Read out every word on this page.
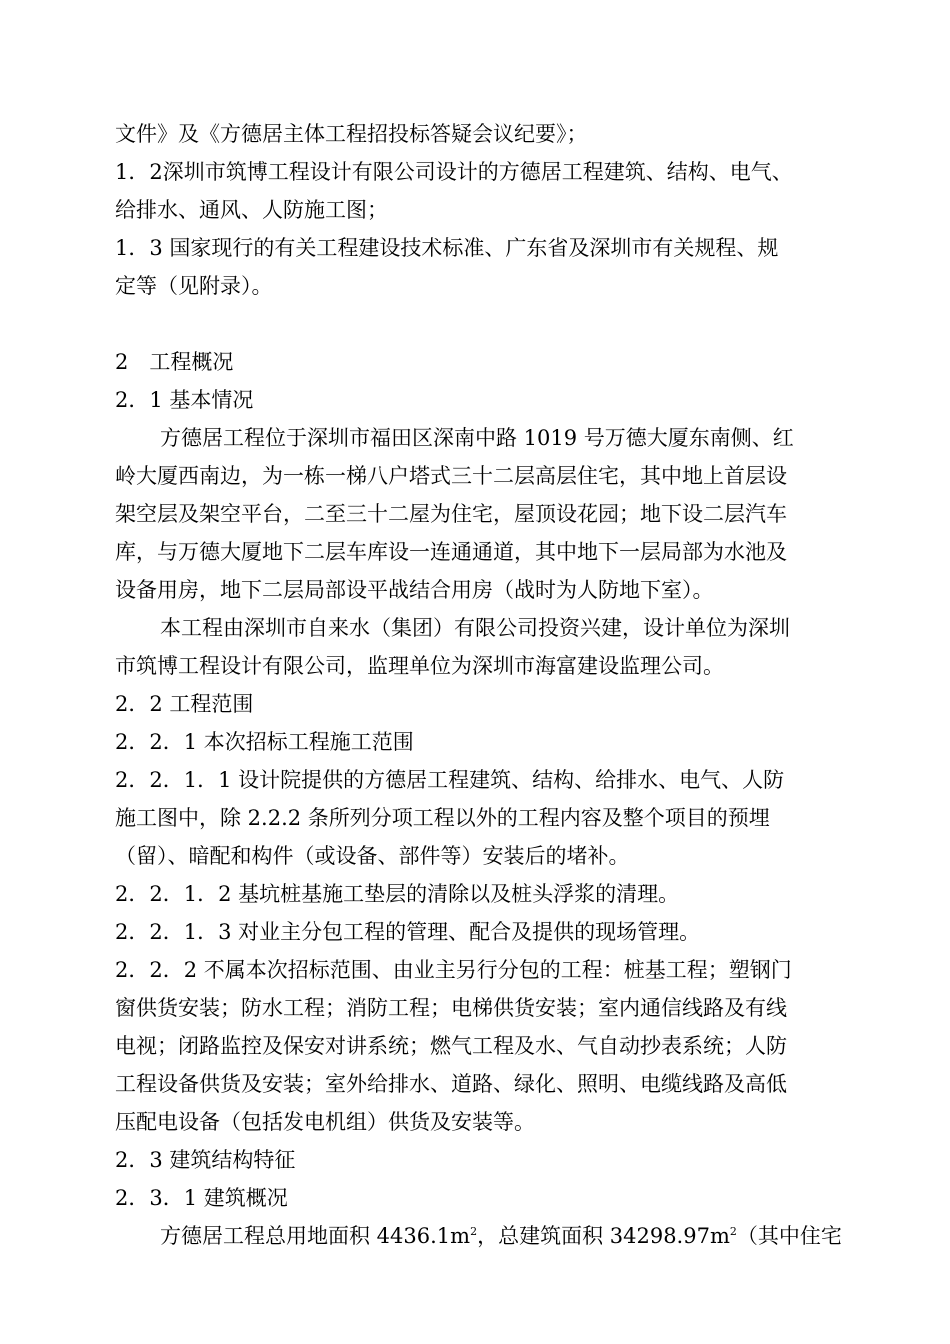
文件》及《方德居主体工程招投标答疑会议纪要》；
1．2深圳市筑博工程设计有限公司设计的方德居工程建筑、结构、电气、
给排水、通风、人防施工图；
1．3 国家现行的有关工程建设技术标准、广东省及深圳市有关规程、规
定等（见附录）。
2　工程概况
2．1 基本情况
方德居工程位于深圳市福田区深南中路 1019 号万德大厦东南侧、红
岭大厦西南边，为一栋一梯八户塔式三十二层高层住宅，其中地上首层设
架空层及架空平台，二至三十二屋为住宅，屋顶设花园；地下设二层汽车
库，与万德大厦地下二层车库设一连通通道，其中地下一层局部为水池及
设备用房，地下二层局部设平战结合用房（战时为人防地下室）。
本工程由深圳市自来水（集团）有限公司投资兴建，设计单位为深圳
市筑博工程设计有限公司，监理单位为深圳市海富建设监理公司。
2．2 工程范围
2．2．1 本次招标工程施工范围
2．2．1．1 设计院提供的方德居工程建筑、结构、给排水、电气、人防
施工图中，除 2.2.2 条所列分项工程以外的工程内容及整个项目的预埋
（留）、暗配和构件（或设备、部件等）安装后的堵补。
2．2．1．2 基坑桩基施工垫层的清除以及桩头浮浆的清理。
2．2．1．3 对业主分包工程的管理、配合及提供的现场管理。
2．2．2 不属本次招标范围、由业主另行分包的工程：桩基工程；塑钢门
窗供货安装；防水工程；消防工程；电梯供货安装；室内通信线路及有线
电视；闭路监控及保安对讲系统；燃气工程及水、气自动抄表系统；人防
工程设备供货及安装；室外给排水、道路、绿化、照明、电缆线路及高低
压配电设备（包括发电机组）供货及安装等。
2．3 建筑结构特征
2．3．1 建筑概况
方德居工程总用地面积 $4436.1m^2$，总建筑面积 $34298.97m^2$（其中住宅
